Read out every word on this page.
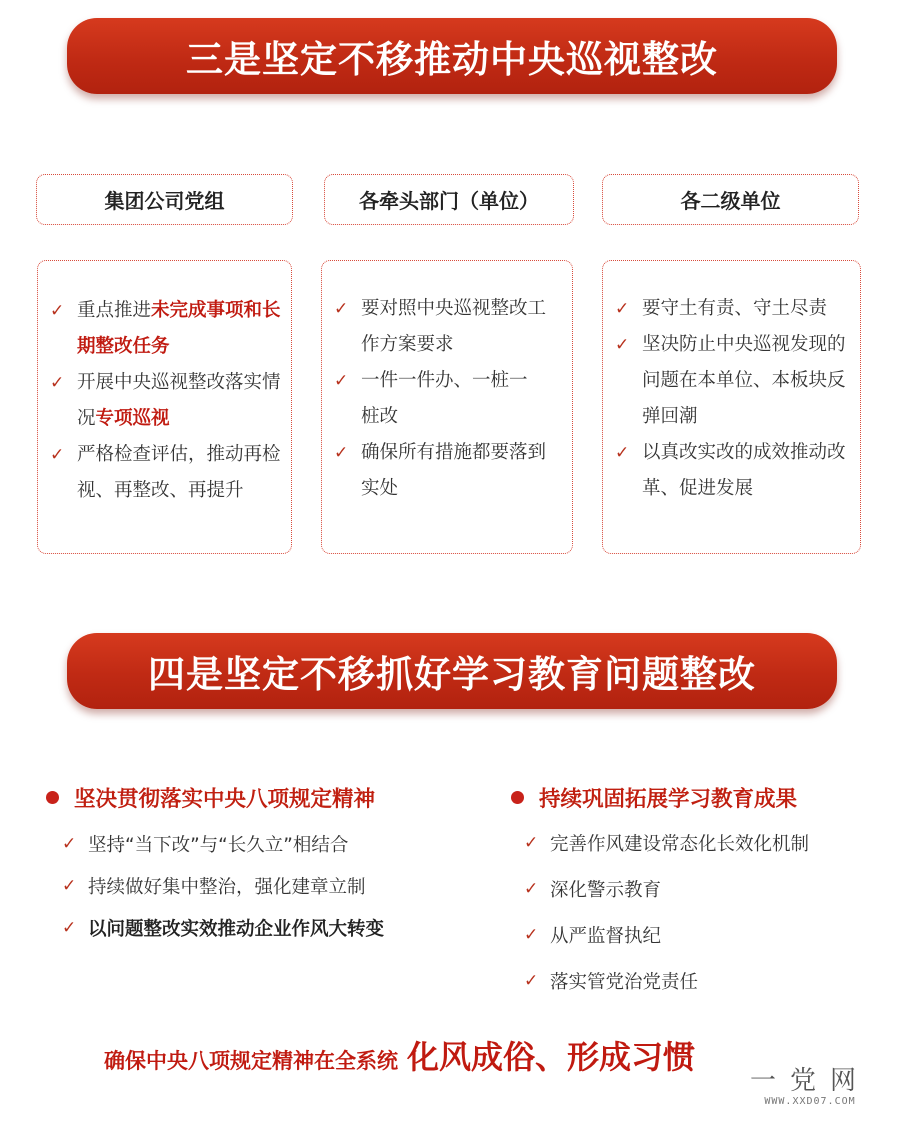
三是坚定不移推动中央巡视整改
集团公司党组	各牵头部门（单位）	各二级单位
✓ 重点推进未完成事项和长期整改任务
✓ 开展中央巡视整改落实情况专项巡视
✓ 严格检查评估，推动再检视、再整改、再提升
✓ 要对照中央巡视整改工作方案要求
✓ 一件一件办、一桩一桩改
✓ 确保所有措施都要落到实处
✓ 要守土有责、守土尽责
✓ 坚决防止中央巡视发现的问题在本单位、本板块反弹回潮
✓ 以真改实改的成效推动改革、促进发展
四是坚定不移抓好学习教育问题整改
坚决贯彻落实中央八项规定精神	持续巩固拓展学习教育成果
✓ 坚持“当下改”与“长久立”相结合
✓ 持续做好集中整治，强化建章立制
✓ 以问题整改实效推动企业作风大转变
✓ 完善作风建设常态化长效化机制
✓ 深化警示教育
✓ 从严监督执纪
✓ 落实管党治党责任
确保中央八项规定精神在全系统 化风成俗、形成习惯
一党网
WWW.XXD07.COM
